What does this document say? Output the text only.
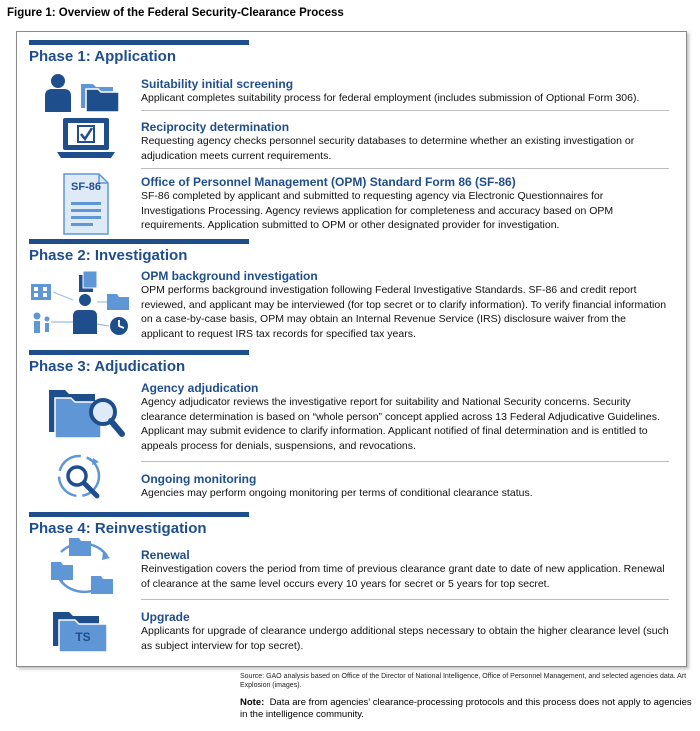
Figure 1: Overview of the Federal Security-Clearance Process
Phase 1: Application
Suitability initial screening
Applicant completes suitability process for federal employment (includes submission of Optional Form 306).
Reciprocity determination
Requesting agency checks personnel security databases to determine whether an existing investigation or adjudication meets current requirements.
SF-86	Office of Personnel Management (OPM) Standard Form 86 (SF-86)
SF-86 completed by applicant and submitted to requesting agency via Electronic Questionnaires for Investigations Processing. Agency reviews application for completeness and accuracy based on OPM requirements. Application submitted to OPM or other designated provider for investigation.
Phase 2: Investigation
OPM background investigation
OPM performs background investigation following Federal Investigative Standards. SF-86 and credit report reviewed, and applicant may be interviewed (for top secret or to clarify information). To verify financial information on a case-by-case basis, OPM may obtain an Internal Revenue Service (IRS) disclosure waiver from the applicant to request IRS tax records for specified tax years.
Phase 3: Adjudication
Agency adjudication
Agency adjudicator reviews the investigative report for suitability and National Security concerns. Security clearance determination is based on “whole person” concept applied across 13 Federal Adjudicative Guidelines. Applicant may submit evidence to clarify information. Applicant notified of final determination and is entitled to appeals process for denials, suspensions, and revocations.
Ongoing monitoring
Agencies may perform ongoing monitoring per terms of conditional clearance status.
Phase 4: Reinvestigation
Renewal
Reinvestigation covers the period from time of previous clearance grant date to date of new application. Renewal of clearance at the same level occurs every 10 years for secret or 5 years for top secret.
TS
Upgrade
Applicants for upgrade of clearance undergo additional steps necessary to obtain the higher clearance level (such as subject interview for top secret).
Source: GAO analysis based on Office of the Director of National Intelligence, Office of Personnel Management, and selected agencies data. Art Explosion (images).
Note: Data are from agencies’ clearance-processing protocols and this process does not apply to agencies in the intelligence community.
